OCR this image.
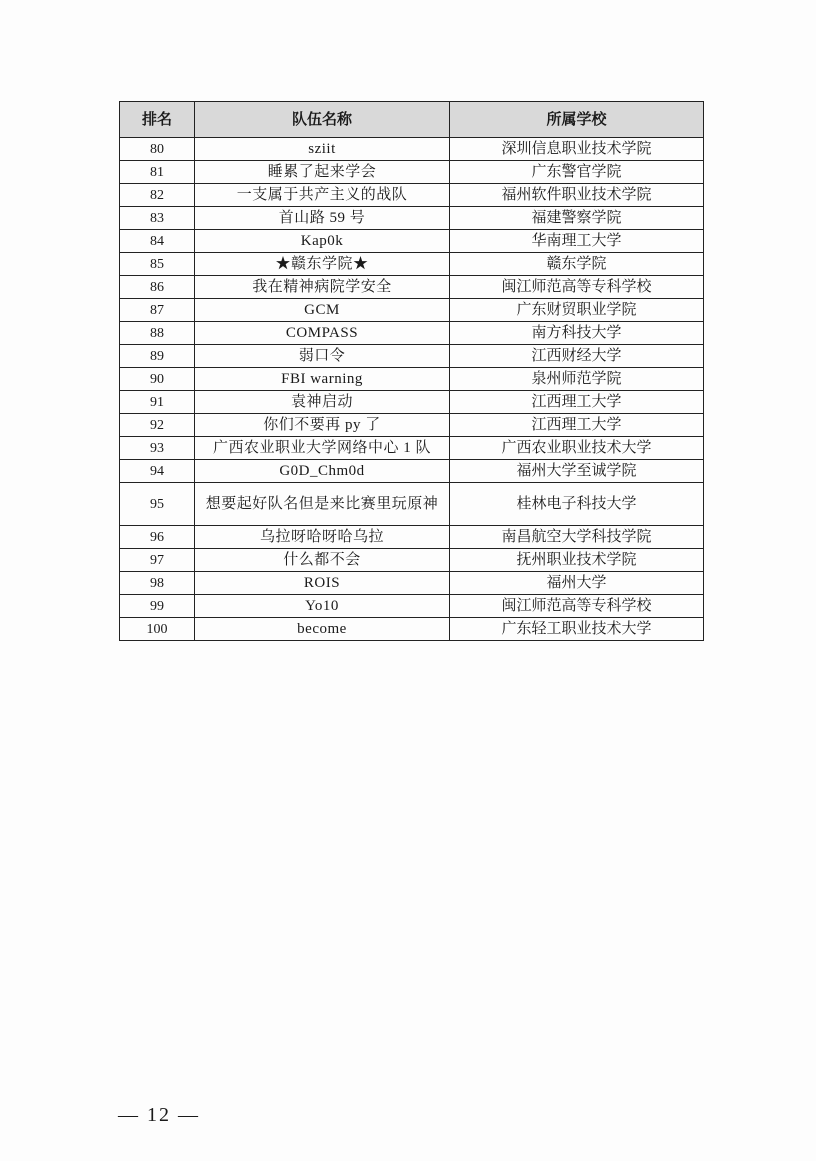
排名	队伍名称	所属学校
80	sziit	深圳信息职业技术学院
81	睡累了起来学会	广东警官学院
82	一支属于共产主义的战队	福州软件职业技术学院
83	首山路 59 号	福建警察学院
84	Kap0k	华南理工大学
85	★赣东学院★	赣东学院
86	我在精神病院学安全	闽江师范高等专科学校
87	GCM	广东财贸职业学院
88	COMPASS	南方科技大学
89	弱口令	江西财经大学
90	FBI warning	泉州师范学院
91	袁神启动	江西理工大学
92	你们不要再 py 了	江西理工大学
93	广西农业职业大学网络中心 1 队	广西农业职业技术大学
94	G0D_Chm0d	福州大学至诚学院
95	想要起好队名但是来比赛里玩原神	桂林电子科技大学
96	乌拉呀哈呀哈乌拉	南昌航空大学科技学院
97	什么都不会	抚州职业技术学院
98	ROIS	福州大学
99	Yo10	闽江师范高等专科学校
100	become	广东轻工职业技术大学
— 12 —
